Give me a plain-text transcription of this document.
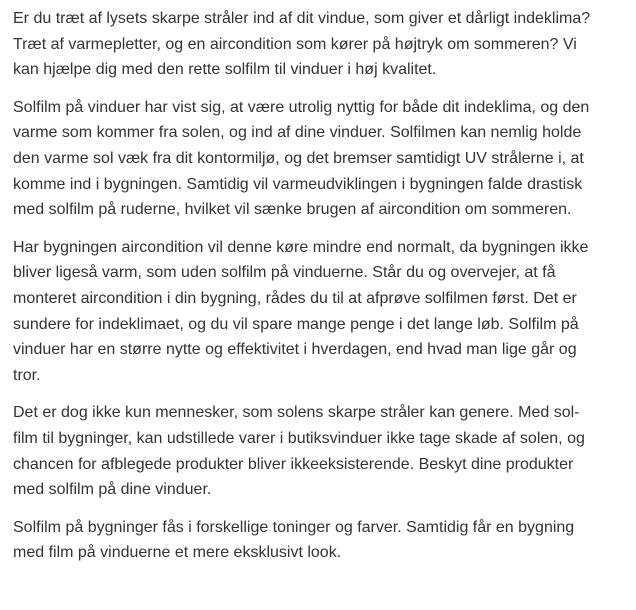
Er du træt af lysets skarpe stråler ind af dit vindue, som giver et dårligt indeklima?
Træt af varmepletter, og en aircondition som kører på højtryk om sommeren? Vi
kan hjælpe dig med den rette solfilm til vinduer i høj kvalitet.

Solfilm på vinduer har vist sig, at være utrolig nyttig for både dit indeklima, og den
varme som kommer fra solen, og ind af dine vinduer. Solfilmen kan nemlig holde
den varme sol væk fra dit kontormiljø, og det bremser samtidigt UV strålerne i, at
komme ind i bygningen. Samtidig vil varmeudviklingen i bygningen falde drastisk
med solfilm på ruderne, hvilket vil sænke brugen af aircondition om sommeren.

Har bygningen aircondition vil denne køre mindre end normalt, da bygningen ikke
bliver ligeså varm, som uden solfilm på vinduerne. Står du og overvejer, at få
monteret aircondition i din bygning, rådes du til at afprøve solfilmen først. Det er
sundere for indeklimaet, og du vil spare mange penge i det lange løb. Solfilm på
vinduer har en større nytte og effektivitet i hverdagen, end hvad man lige går og
tror.

Det er dog ikke kun mennesker, som solens skarpe stråler kan genere. Med sol-
film til bygninger, kan udstillede varer i butiksvinduer ikke tage skade af solen, og
chancen for afblegede produkter bliver ikkeeksisterende. Beskyt dine produkter
med solfilm på dine vinduer.

Solfilm på bygninger fås i forskellige toninger og farver. Samtidig får en bygning
med film på vinduerne et mere eksklusivt look.
